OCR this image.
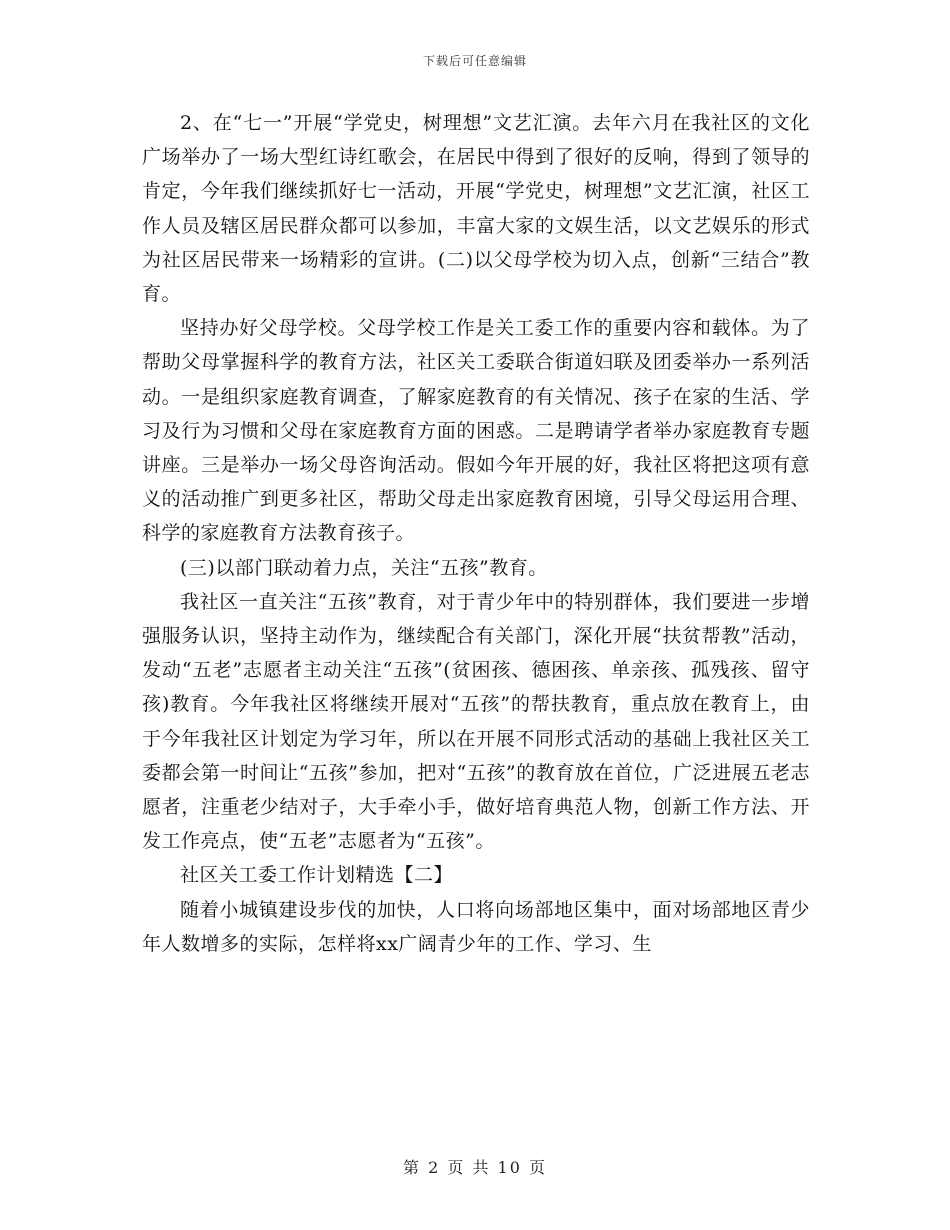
下载后可任意编辑

2、在“七一”开展“学党史，树理想”文艺汇演。去年六月在我社区的文化广场举办了一场大型红诗红歌会，在居民中得到了很好的反响，得到了领导的肯定，今年我们继续抓好七一活动，开展“学党史，树理想”文艺汇演，社区工作人员及辖区居民群众都可以参加，丰富大家的文娱生活，以文艺娱乐的形式为社区居民带来一场精彩的宣讲。(二)以父母学校为切入点，创新“三结合”教育。

坚持办好父母学校。父母学校工作是关工委工作的重要内容和载体。为了帮助父母掌握科学的教育方法，社区关工委联合街道妇联及团委举办一系列活动。一是组织家庭教育调查，了解家庭教育的有关情况、孩子在家的生活、学习及行为习惯和父母在家庭教育方面的困惑。二是聘请学者举办家庭教育专题讲座。三是举办一场父母咨询活动。假如今年开展的好，我社区将把这项有意义的活动推广到更多社区，帮助父母走出家庭教育困境，引导父母运用合理、科学的家庭教育方法教育孩子。

(三)以部门联动着力点，关注“五孩”教育。

我社区一直关注“五孩”教育，对于青少年中的特别群体，我们要进一步增强服务认识，坚持主动作为，继续配合有关部门，深化开展“扶贫帮教”活动，发动“五老”志愿者主动关注“五孩”(贫困孩、德困孩、单亲孩、孤残孩、留守孩)教育。今年我社区将继续开展对“五孩”的帮扶教育，重点放在教育上，由于今年我社区计划定为学习年，所以在开展不同形式活动的基础上我社区关工委都会第一时间让“五孩”参加，把对“五孩”的教育放在首位，广泛进展五老志愿者，注重老少结对子，大手牵小手，做好培育典范人物，创新工作方法、开发工作亮点，使“五老”志愿者为“五孩”。

社区关工委工作计划精选【二】

随着小城镇建设步伐的加快，人口将向场部地区集中，面对场部地区青少年人数增多的实际，怎样将xx广阔青少年的工作、学习、生

第 2 页 共 10 页
